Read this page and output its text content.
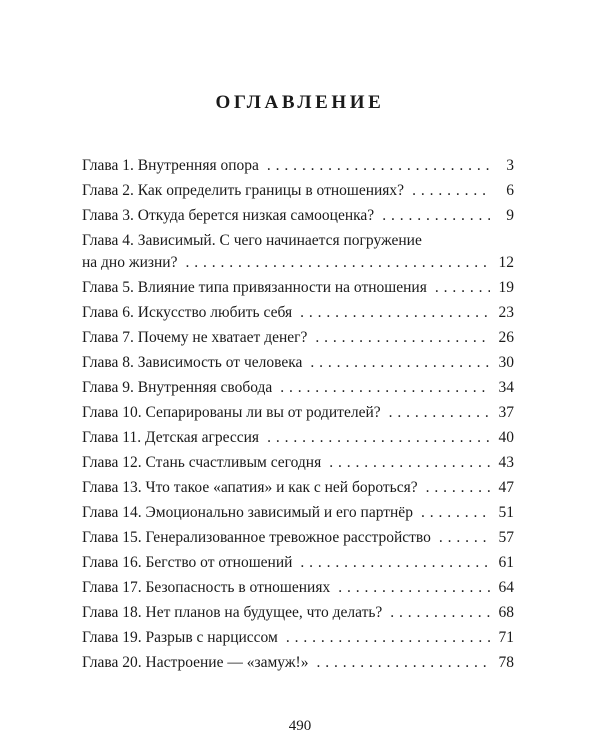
ОГЛАВЛЕНИЕ
Глава 1. Внутренняя опора . . .	3
Глава 2. Как определить границы в отношениях? . . .	6
Глава 3. Откуда берется низкая самооценка? . . .	9
Глава 4. Зависимый. С чего начинается погружение
на дно жизни? . . .	12
Глава 5. Влияние типа привязанности на отношения . . .	19
Глава 6. Искусство любить себя . . .	23
Глава 7. Почему не хватает денег? . . .	26
Глава 8. Зависимость от человека . . .	30
Глава 9. Внутренняя свобода . . .	34
Глава 10. Сепарированы ли вы от родителей? . . .	37
Глава 11. Детская агрессия . . .	40
Глава 12. Стань счастливым сегодня . . .	43
Глава 13. Что такое «апатия» и как с ней бороться? . . .	47
Глава 14. Эмоционально зависимый и его партнёр . . .	51
Глава 15. Генерализованное тревожное расстройство . . .	57
Глава 16. Бегство от отношений . . .	61
Глава 17. Безопасность в отношениях . . .	64
Глава 18. Нет планов на будущее, что делать? . . .	68
Глава 19. Разрыв с нарциссом . . .	71
Глава 20. Настроение — «замуж!» . . .	78

490
